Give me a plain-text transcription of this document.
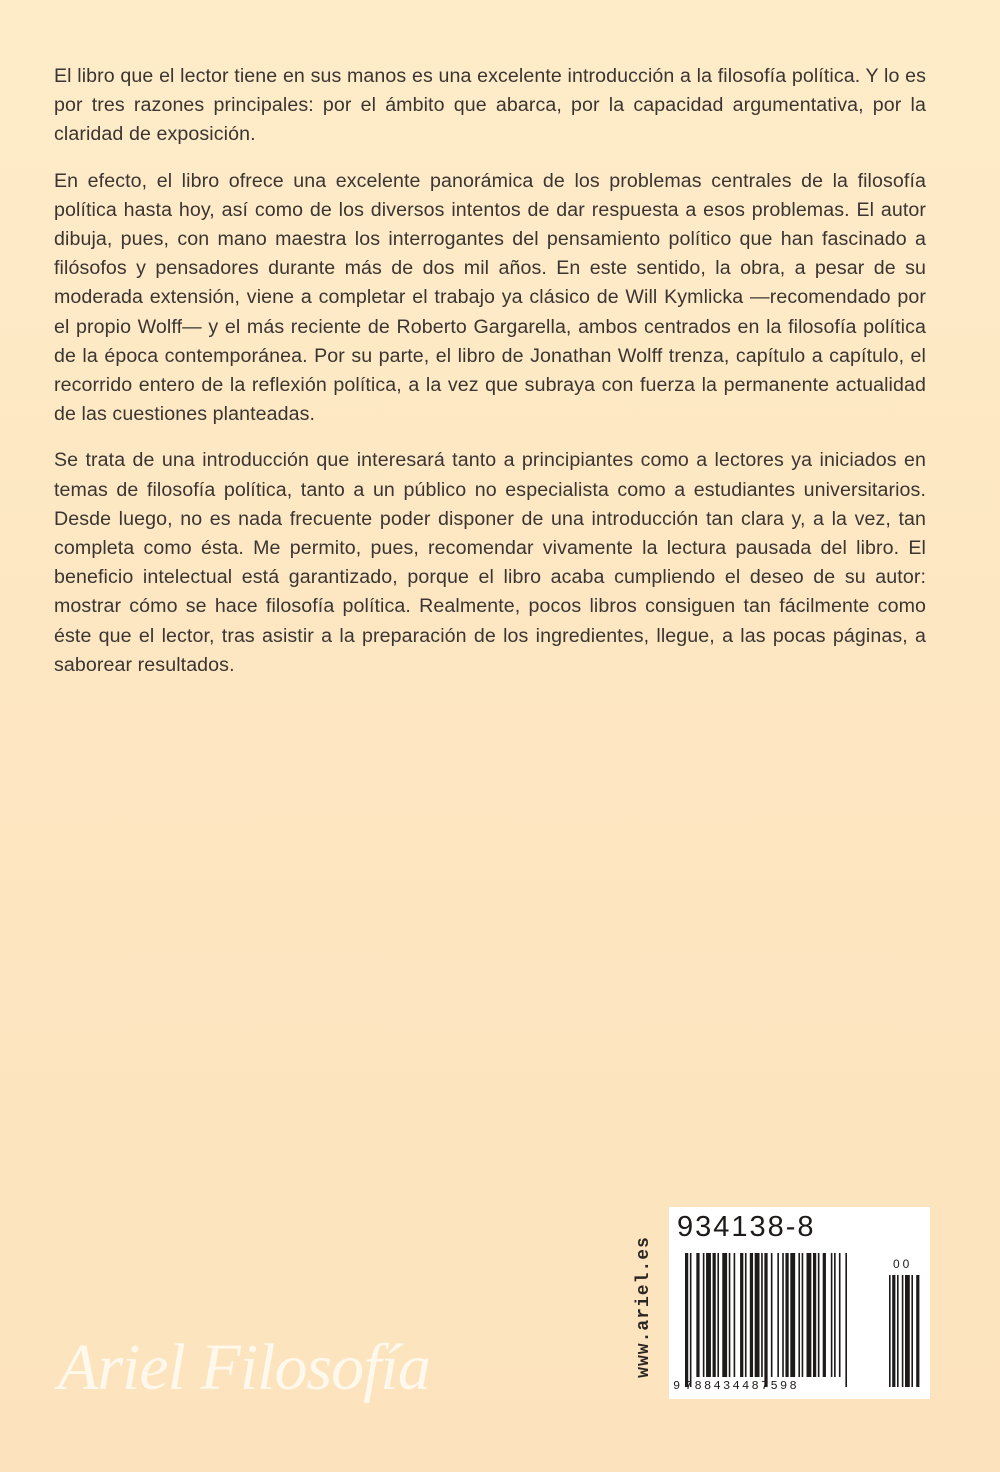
El libro que el lector tiene en sus manos es una excelente introducción a la filosofía política. Y lo es por tres razones principales: por el ámbito que abarca, por la capacidad argumentativa, por la claridad de exposición.

En efecto, el libro ofrece una excelente panorámica de los problemas centrales de la filosofía política hasta hoy, así como de los diversos intentos de dar respuesta a esos problemas. El autor dibuja, pues, con mano maestra los interrogantes del pensamiento político que han fascinado a filósofos y pensadores durante más de dos mil años. En este sentido, la obra, a pesar de su moderada extensión, viene a completar el trabajo ya clásico de Will Kymlicka —recomendado por el propio Wolff— y el más reciente de Roberto Gargarella, ambos centrados en la filosofía política de la época contemporánea. Por su parte, el libro de Jonathan Wolff trenza, capítulo a capítulo, el recorrido entero de la reflexión política, a la vez que subraya con fuerza la permanente actualidad de las cuestiones planteadas.

Se trata de una introducción que interesará tanto a principiantes como a lectores ya iniciados en temas de filosofía política, tanto a un público no especialista como a estudiantes universitarios. Desde luego, no es nada frecuente poder disponer de una introducción tan clara y, a la vez, tan completa como ésta. Me permito, pues, recomendar vivamente la lectura pausada del libro. El beneficio intelectual está garantizado, porque el libro acaba cumpliendo el deseo de su autor: mostrar cómo se hace filosofía política. Realmente, pocos libros consiguen tan fácilmente como éste que el lector, tras asistir a la preparación de los ingredientes, llegue, a las pocas páginas, a saborear resultados.

Ariel Filosofía	www.ariel.es
934138-8
00
9 788434487598
